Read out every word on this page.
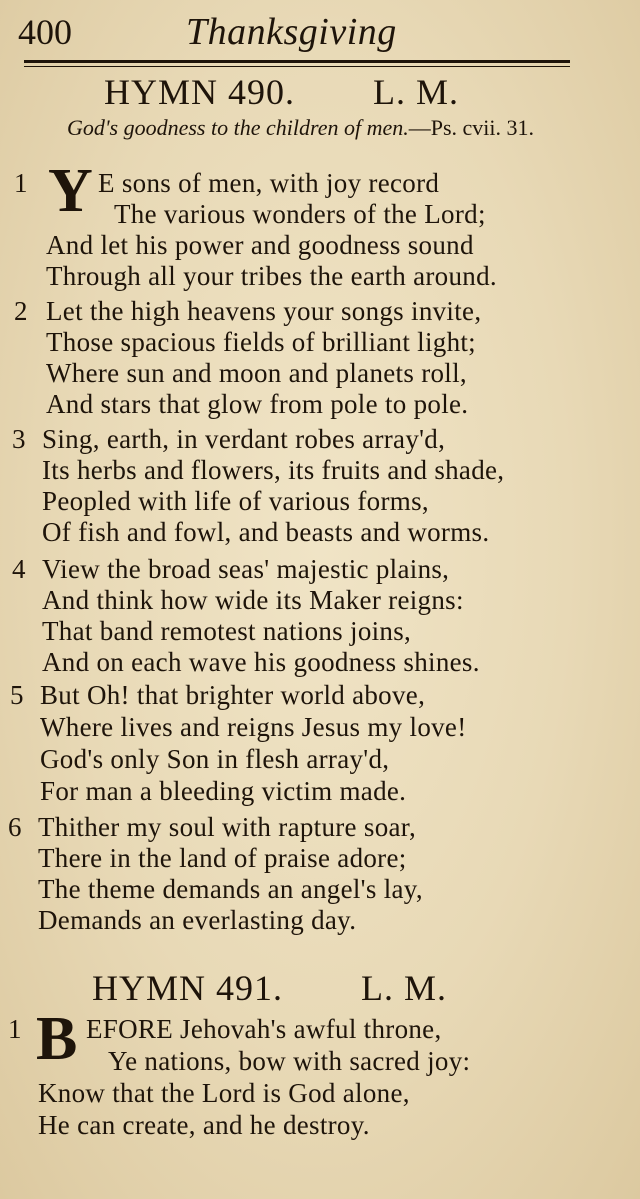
400	Thanksgiving
HYMN 490. L. M.
God's goodness to the children of men.—Ps. cvii. 31.
1 Y E sons of men, with joy record
The various wonders of the Lord;
And let his power and goodness sound
Through all your tribes the earth around.
2 Let the high heavens your songs invite,
Those spacious fields of brilliant light;
Where sun and moon and planets roll,
And stars that glow from pole to pole.
3 Sing, earth, in verdant robes array'd,
Its herbs and flowers, its fruits and shade,
Peopled with life of various forms,
Of fish and fowl, and beasts and worms.
4 View the broad seas' majestic plains,
And think how wide its Maker reigns:
That band remotest nations joins,
And on each wave his goodness shines.
5 But Oh! that brighter world above,
Where lives and reigns Jesus my love!
God's only Son in flesh array'd,
For man a bleeding victim made.
6 Thither my soul with rapture soar,
There in the land of praise adore;
The theme demands an angel's lay,
Demands an everlasting day.
HYMN 491. L. M.
1 B EFORE Jehovah's awful throne,
Ye nations, bow with sacred joy:
Know that the Lord is God alone,
He can create, and he destroy.
